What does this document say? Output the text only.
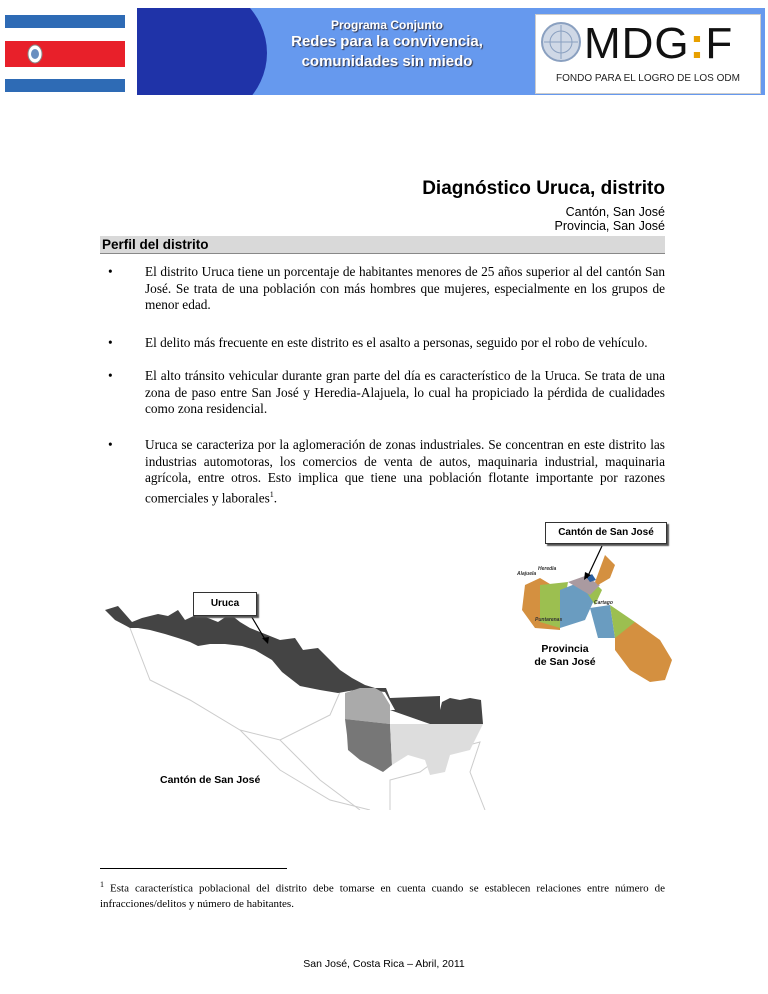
Programa Conjunto
Redes para la convivencia,
comunidades sin miedo	MDG:F
FONDO PARA EL LOGRO DE LOS ODM
Diagnóstico Uruca, distrito
Cantón, San José
Provincia, San José
Perfil del distrito
• El distrito Uruca tiene un porcentaje de habitantes menores de 25 años superior al del cantón San José. Se trata de una población con más hombres que mujeres, especialmente en los grupos de menor edad.
• El delito más frecuente en este distrito es el asalto a personas, seguido por el robo de vehículo.
• El alto tránsito vehicular durante gran parte del día es característico de la Uruca. Se trata de una zona de paso entre San José y Heredia-Alajuela, lo cual ha propiciado la pérdida de cualidades como zona residencial.
• Uruca se caracteriza por la aglomeración de zonas industriales. Se concentran en este distrito las industrias automotoras, los comercios de venta de autos, maquinaria industrial, maquinaria agrícola, entre otros. Esto implica que tiene una población flotante importante por razones comerciales y laborales$^1$.
Alajuela
Heredia
Cartago
Puntarenas
Cantón de San José
Uruca
Provincia
de San José
Cantón de San José
$^1$ Esta característica poblacional del distrito debe tomarse en cuenta cuando se establecen relaciones entre número de infracciones/delitos y número de habitantes.
San José, Costa Rica – Abril, 2011
